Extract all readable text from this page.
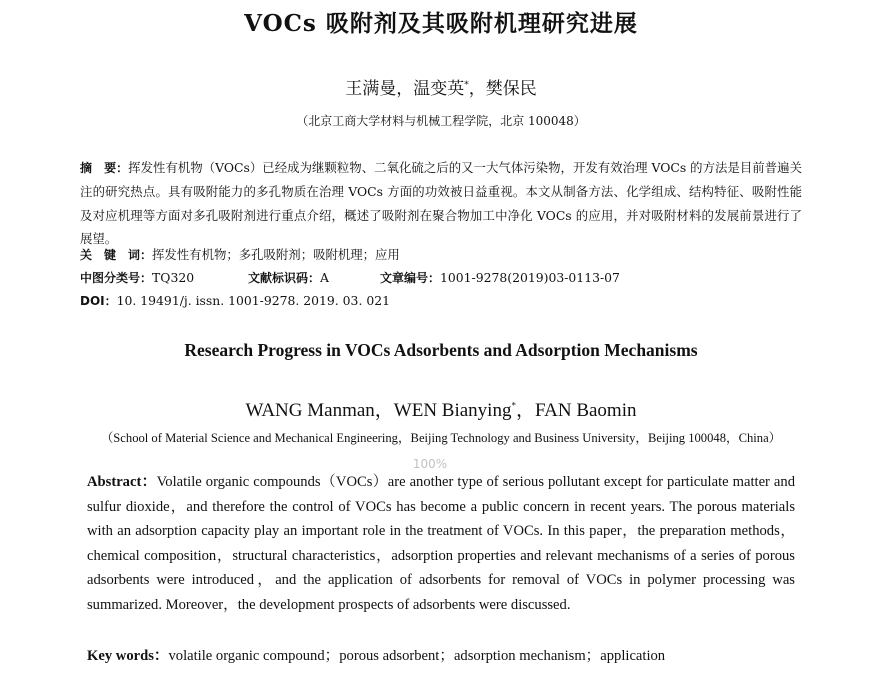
VOCs 吸附剂及其吸附机理研究进展

王满曼，温变英*，樊保民

（北京工商大学材料与机械工程学院，北京 100048）

摘　要：挥发性有机物（VOCs）已经成为继颗粒物、二氧化硫之后的又一大气体污染物，开发有效治理 VOCs 的方法是目前普遍关注的研究热点。具有吸附能力的多孔物质在治理 VOCs 方面的功效被日益重视。本文从制备方法、化学组成、结构特征、吸附性能及对应机理等方面对多孔吸附剂进行重点介绍，概述了吸附剂在聚合物加工中净化 VOCs 的应用，并对吸附材料的发展前景进行了展望。

关　键　词：挥发性有机物；多孔吸附剂；吸附机理；应用

中图分类号：TQ320	文献标识码：A	文章编号：1001-9278(2019)03-0113-07

DOI：10. 19491/j. issn. 1001-9278. 2019. 03. 021

Research Progress in VOCs Adsorbents and Adsorption Mechanisms

WANG Manman，WEN Bianying*，FAN Baomin

（School of Material Science and Mechanical Engineering，Beijing Technology and Business University，Beijing 100048，China）

100%

Abstract：Volatile organic compounds（VOCs）are another type of serious pollutant except for particulate matter and sulfur dioxide，and therefore the control of VOCs has become a public concern in recent years. The porous materials with an adsorption capacity play an important role in the treatment of VOCs. In this paper，the preparation methods，chemical composition，structural characteristics，adsorption properties and relevant mechanisms of a series of porous adsorbents were introduced，and the application of adsorbents for removal of VOCs in polymer processing was summarized. Moreover，the development prospects of adsorbents were discussed.

Key words：volatile organic compound；porous adsorbent；adsorption mechanism；application
